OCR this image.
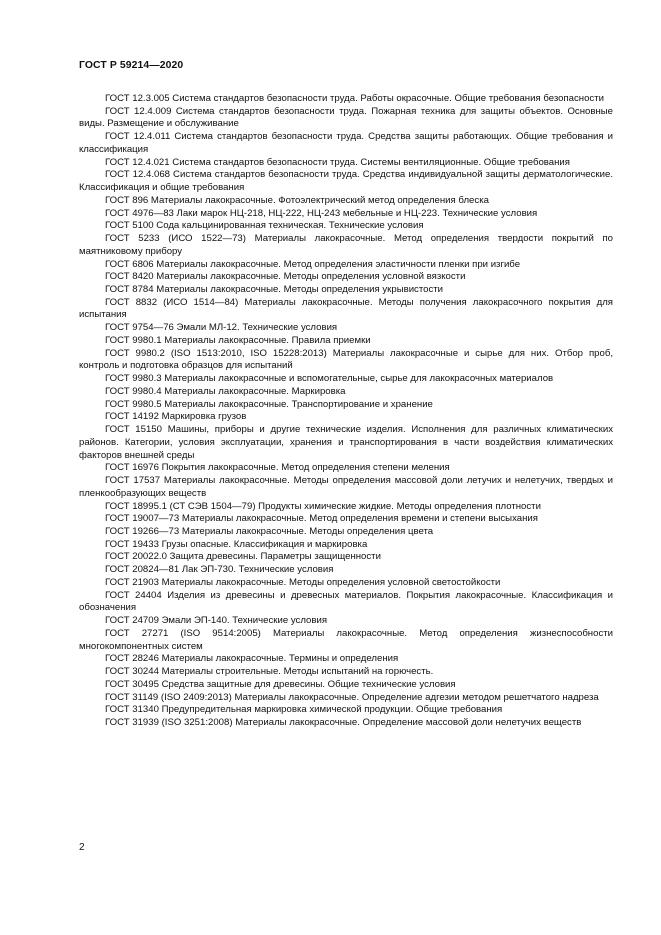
ГОСТ Р 59214—2020

ГОСТ 12.3.005 Система стандартов безопасности труда. Работы окрасочные. Общие требования безопасности

ГОСТ 12.4.009 Система стандартов безопасности труда. Пожарная техника для защиты объектов. Основные виды. Размещение и обслуживание

ГОСТ 12.4.011 Система стандартов безопасности труда. Средства защиты работающих. Общие требования и классификация

ГОСТ 12.4.021 Система стандартов безопасности труда. Системы вентиляционные. Общие требования

ГОСТ 12.4.068 Система стандартов безопасности труда. Средства индивидуальной защиты дерматологические. Классификация и общие требования

ГОСТ 896 Материалы лакокрасочные. Фотоэлектрический метод определения блеска

ГОСТ 4976—83 Лаки марок НЦ-218, НЦ-222, НЦ-243 мебельные и НЦ-223. Технические условия

ГОСТ 5100 Сода кальцинированная техническая. Технические условия

ГОСТ 5233 (ИСО 1522—73) Материалы лакокрасочные. Метод определения твердости покрытий по маятниковому прибору

ГОСТ 6806 Материалы лакокрасочные. Метод определения эластичности пленки при изгибе

ГОСТ 8420 Материалы лакокрасочные. Методы определения условной вязкости

ГОСТ 8784 Материалы лакокрасочные. Методы определения укрывистости

ГОСТ 8832 (ИСО 1514—84) Материалы лакокрасочные. Методы получения лакокрасочного покрытия для испытания

ГОСТ 9754—76 Эмали МЛ-12. Технические условия

ГОСТ 9980.1 Материалы лакокрасочные. Правила приемки

ГОСТ 9980.2 (ISO 1513:2010, ISO 15228:2013) Материалы лакокрасочные и сырье для них. Отбор проб, контроль и подготовка образцов для испытаний

ГОСТ 9980.3 Материалы лакокрасочные и вспомогательные, сырье для лакокрасочных материалов

ГОСТ 9980.4 Материалы лакокрасочные. Маркировка

ГОСТ 9980.5 Материалы лакокрасочные. Транспортирование и хранение

ГОСТ 14192 Маркировка грузов

ГОСТ 15150 Машины, приборы и другие технические изделия. Исполнения для различных климатических районов. Категории, условия эксплуатации, хранения и транспортирования в части воздействия климатических факторов внешней среды

ГОСТ 16976 Покрытия лакокрасочные. Метод определения степени меления

ГОСТ 17537 Материалы лакокрасочные. Методы определения массовой доли летучих и нелетучих, твердых и пленкообразующих веществ

ГОСТ 18995.1 (СТ СЭВ 1504—79) Продукты химические жидкие. Методы определения плотности

ГОСТ 19007—73 Материалы лакокрасочные. Метод определения времени и степени высыхания

ГОСТ 19266—73 Материалы лакокрасочные. Методы определения цвета

ГОСТ 19433 Грузы опасные. Классификация и маркировка

ГОСТ 20022.0 Защита древесины. Параметры защищенности

ГОСТ 20824—81 Лак ЭП-730. Технические условия

ГОСТ 21903 Материалы лакокрасочные. Методы определения условной светостойкости

ГОСТ 24404 Изделия из древесины и древесных материалов. Покрытия лакокрасочные. Классификация и обозначения

ГОСТ 24709 Эмали ЭП-140. Технические условия

ГОСТ 27271 (ISO 9514:2005) Материалы лакокрасочные. Метод определения жизнеспособности многокомпонентных систем

ГОСТ 28246 Материалы лакокрасочные. Термины и определения

ГОСТ 30244 Материалы строительные. Методы испытаний на горючесть.

ГОСТ 30495 Средства защитные для древесины. Общие технические условия

ГОСТ 31149 (ISO 2409:2013) Материалы лакокрасочные. Определение адгезии методом решетчатого надреза

ГОСТ 31340 Предупредительная маркировка химической продукции. Общие требования

ГОСТ 31939 (ISO 3251:2008) Материалы лакокрасочные. Определение массовой доли нелетучих веществ

2
